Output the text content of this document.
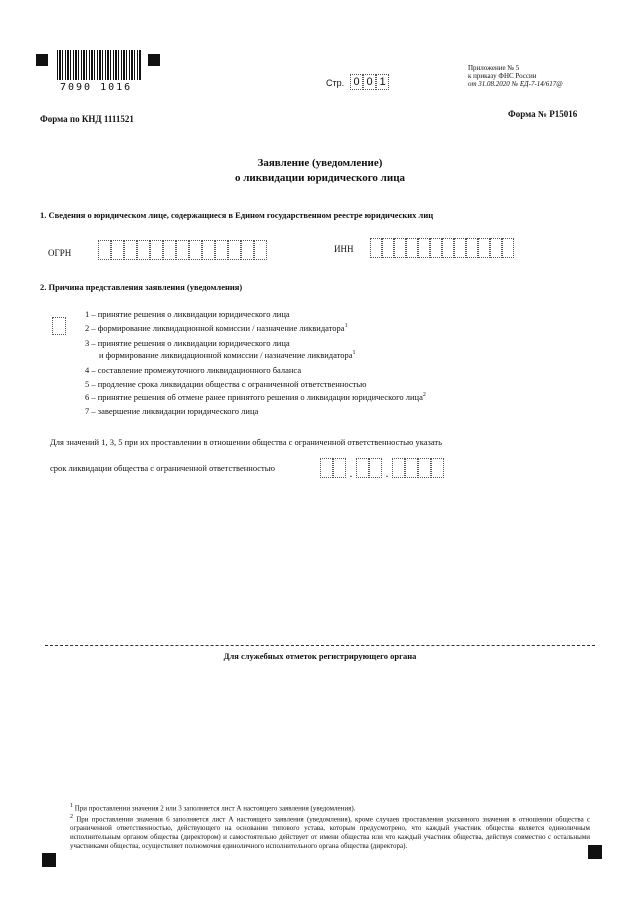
7090 1016	Стр. 0 0 1
Приложение № 5
к приказу ФНС России
от 31.08.2020 № ЕД-7-14/617@
Форма по КНД 1111521	Форма № Р15016
Заявление (уведомление)
о ликвидации юридического лица
1. Сведения о юридическом лице, содержащиеся в Едином государственном реестре юридических лиц
ОГРН	ИНН
2. Причина представления заявления (уведомления)
1 – принятие решения о ликвидации юридического лица
2 – формирование ликвидационной комиссии / назначение ликвидатора$^1$
3 – принятие решения о ликвидации юридического лица
и формирование ликвидационной комиссии / назначение ликвидатора$^1$
4 – составление промежуточного ликвидационного баланса
5 – продление срока ликвидации общества с ограниченной ответственностью
6 – принятие решения об отмене ранее принятого решения о ликвидации юридического лица$^2$
7 – завершение ликвидации юридического лица
Для значений 1, 3, 5 при их проставлении в отношении общества с ограниченной ответственностью указать
срок ликвидации общества с ограниченной ответственностью	.	.
Для служебных отметок регистрирующего органа
$^1$ При проставлении значения 2 или 3 заполняется лист А настоящего заявления (уведомления).
$^2$ При проставлении значения 6 заполняется лист А настоящего заявления (уведомления), кроме случаев проставления указанного значения в отношении общества с ограниченной ответственностью, действующего на основании типового устава, которым предусмотрено, что каждый участник общества является единоличным исполнительным органом общества (директором) и самостоятельно действует от имени общества или что каждый участник общества, действуя совместно с остальными участниками общества, осуществляет полномочия единоличного исполнительного органа общества (директора).
